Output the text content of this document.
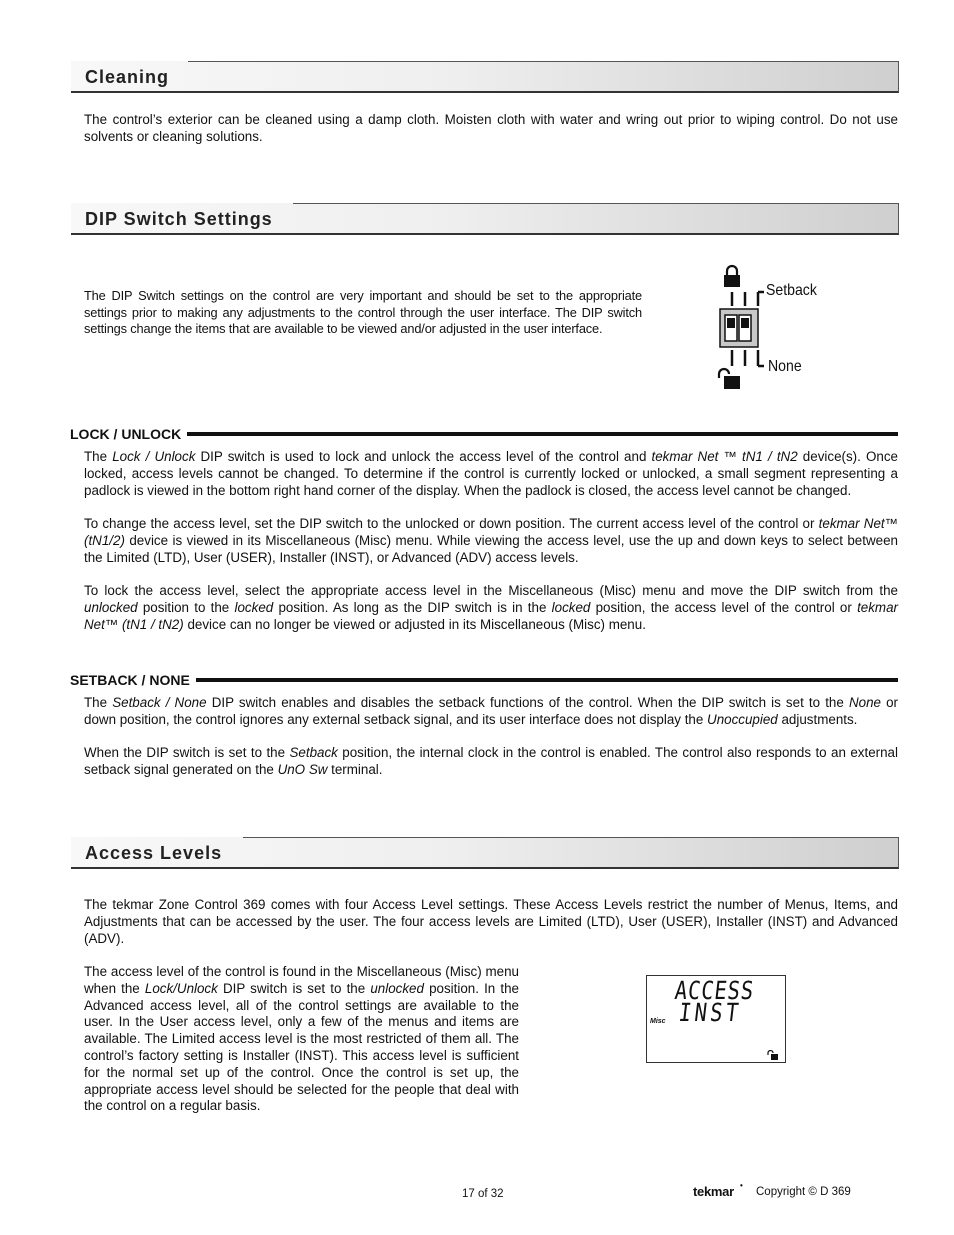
Cleaning
The control’s exterior can be cleaned using a damp cloth. Moisten cloth with water and wring out prior to wiping control. Do not use solvents or cleaning solutions.
DIP Switch Settings
The DIP Switch settings on the control are very important and should be set to the appropriate settings prior to making any adjustments to the control through the user interface. The DIP switch settings change the items that are available to be viewed and/or adjusted in the user interface.
Setback
None
LOCK / UNLOCK
The Lock / Unlock DIP switch is used to lock and unlock the access level of the control and tekmar Net ™ tN1 / tN2 device(s). Once locked, access levels cannot be changed. To determine if the control is currently locked or unlocked, a small segment representing a padlock is viewed in the bottom right hand corner of the display. When the padlock is closed, the access level cannot be changed.
To change the access level, set the DIP switch to the unlocked or down position. The current access level of the control or tekmar Net™ (tN1/2) device is viewed in its Miscellaneous (Misc) menu. While viewing the access level, use the up and down keys to select between the Limited (LTD), User (USER), Installer (INST), or Advanced (ADV) access levels.
To lock the access level, select the appropriate access level in the Miscellaneous (Misc) menu and move the DIP switch from the unlocked position to the locked position. As long as the DIP switch is in the locked position, the access level of the control or tekmar Net™ (tN1 / tN2) device can no longer be viewed or adjusted in its Miscellaneous (Misc) menu.
SETBACK / NONE
The Setback / None DIP switch enables and disables the setback functions of the control. When the DIP switch is set to the None or down position, the control ignores any external setback signal, and its user interface does not display the Unoccupied adjustments.
When the DIP switch is set to the Setback position, the internal clock in the control is enabled. The control also responds to an external setback signal generated on the UnO Sw terminal.
Access Levels
The tekmar Zone Control 369 comes with four Access Level settings. These Access Levels restrict the number of Menus, Items, and Adjustments that can be accessed by the user. The four access levels are Limited (LTD), User (USER), Installer (INST) and Advanced (ADV).
The access level of the control is found in the Miscellaneous (Misc) menu when the Lock/Unlock DIP switch is set to the unlocked position. In the Advanced access level, all of the control settings are available to the user. In the User access level, only a few of the menus and items are available. The Limited access level is the most restricted of them all. The control’s factory setting is Installer (INST). This access level is sufficient for the normal set up of the control. Once the control is set up, the appropriate access level should be selected for the people that deal with the control on a regular basis.
ACCESS
INST
Misc
17 of 32	tekmar •
Copyright © D 369
